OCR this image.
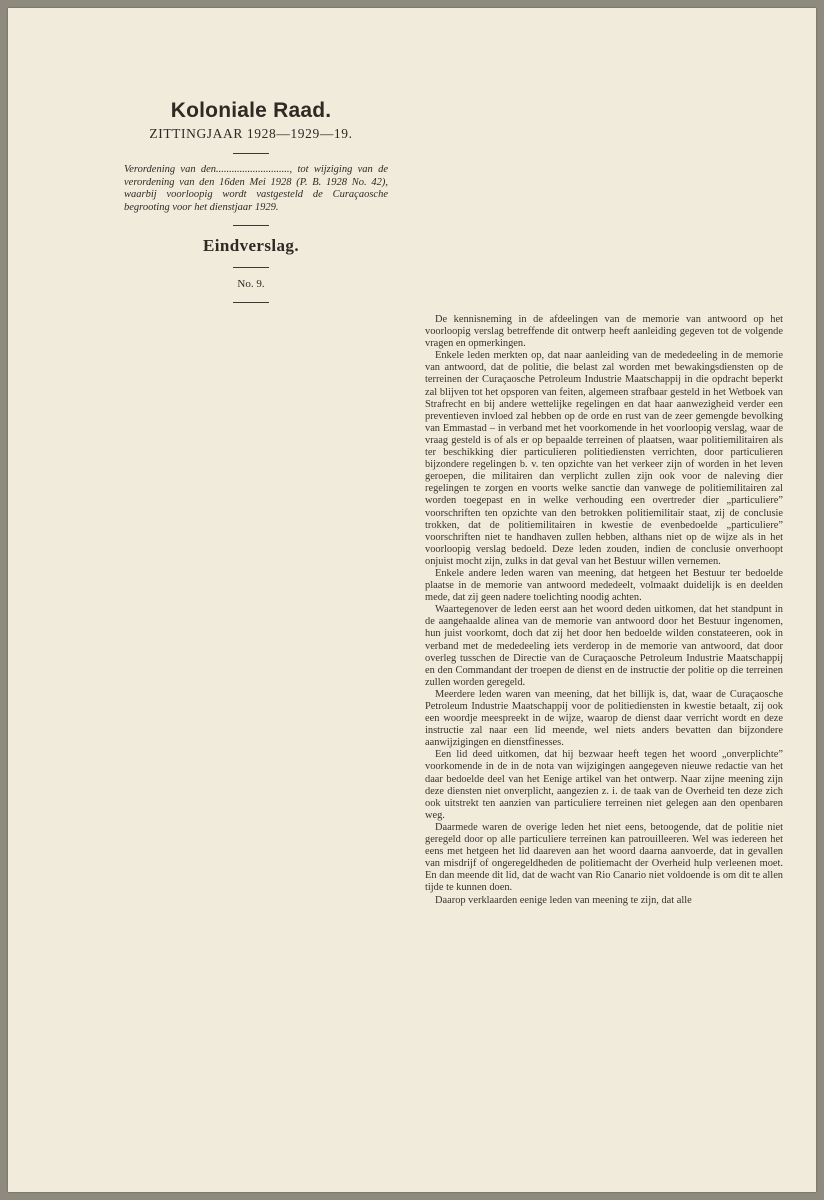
Koloniale Raad.
ZITTINGJAAR 1928—1929—19.
Verordening van den............................, tot wijziging van de verordening van den 16den Mei 1928 (P. B. 1928 No. 42), waarbij voorloopig wordt vastgesteld de Curaçaosche begrooting voor het dienstjaar 1929.
Eindverslag.
No. 9.

De kennisneming in de afdeelingen van de memorie van antwoord op het voorloopig verslag betreffende dit ontwerp heeft aanleiding gegeven tot de volgende vragen en opmerkingen.

Enkele leden merkten op, dat naar aanleiding van de mededeeling in de memorie van antwoord, dat de politie, die belast zal worden met bewakingsdiensten op de terreinen der Curaçaosche Petroleum Industrie Maatschappij in die opdracht beperkt zal blijven tot het opsporen van feiten, algemeen strafbaar gesteld in het Wetboek van Strafrecht en bij andere wettelijke regelingen en dat haar aanwezigheid verder een preventieven invloed zal hebben op de orde en rust van de zeer gemengde bevolking van Emmastad – in verband met het voorkomende in het voorloopig verslag, waar de vraag gesteld is of als er op bepaalde terreinen of plaatsen, waar politiemilitairen als ter beschikking dier particulieren politiediensten verrichten, door particulieren bijzondere regelingen b. v. ten opzichte van het verkeer zijn of worden in het leven geroepen, die militairen dan verplicht zullen zijn ook voor de naleving dier regelingen te zorgen en voorts welke sanctie dan vanwege de politiemilitairen zal worden toegepast en in welke verhouding een overtreder dier „particuliere” voorschriften ten opzichte van den betrokken politiemilitair staat, zij de conclusie trokken, dat de politiemilitairen in kwestie de evenbedoelde „particuliere” voorschriften niet te handhaven zullen hebben, althans niet op de wijze als in het voorloopig verslag bedoeld. Deze leden zouden, indien de conclusie onverhoopt onjuist mocht zijn, zulks in dat geval van het Bestuur willen vernemen.

Enkele andere leden waren van meening, dat hetgeen het Bestuur ter bedoelde plaatse in de memorie van antwoord mededeelt, volmaakt duidelijk is en deelden mede, dat zij geen nadere toelichting noodig achten.

Waartegenover de leden eerst aan het woord deden uitkomen, dat het standpunt in de aangehaalde alinea van de memorie van antwoord door het Bestuur ingenomen, hun juist voorkomt, doch dat zij het door hen bedoelde wilden constateeren, ook in verband met de mededeeling iets verderop in de memorie van antwoord, dat door overleg tusschen de Directie van de Curaçaosche Petroleum Industrie Maatschappij en den Commandant der troepen de dienst en de instructie der politie op die terreinen zullen worden geregeld.

Meerdere leden waren van meening, dat het billijk is, dat, waar de Curaçaosche Petroleum Industrie Maatschappij voor de politiediensten in kwestie betaalt, zij ook een woordje meespreekt in de wijze, waarop de dienst daar verricht wordt en deze instructie zal naar een lid meende, wel niets anders bevatten dan bijzondere aanwijzigingen en dienstfinesses.

Een lid deed uitkomen, dat hij bezwaar heeft tegen het woord „onverplichte” voorkomende in de in de nota van wijzigingen aangegeven nieuwe redactie van het daar bedoelde deel van het Eenige artikel van het ontwerp. Naar zijne meening zijn deze diensten niet onverplicht, aangezien z. i. de taak van de Overheid ten deze zich ook uitstrekt ten aanzien van particuliere terreinen niet gelegen aan den openbaren weg.

Daarmede waren de overige leden het niet eens, betoogende, dat de politie niet geregeld door op alle particuliere terreinen kan patrouilleeren. Wel was iedereen het eens met hetgeen het lid daareven aan het woord daarna aanvoerde, dat in gevallen van misdrijf of ongeregeldheden de politiemacht der Overheid hulp verleenen moet. En dan meende dit lid, dat de wacht van Rio Canario niet voldoende is om dit te allen tijde te kunnen doen.

Daarop verklaarden eenige leden van meening te zijn, dat alle
